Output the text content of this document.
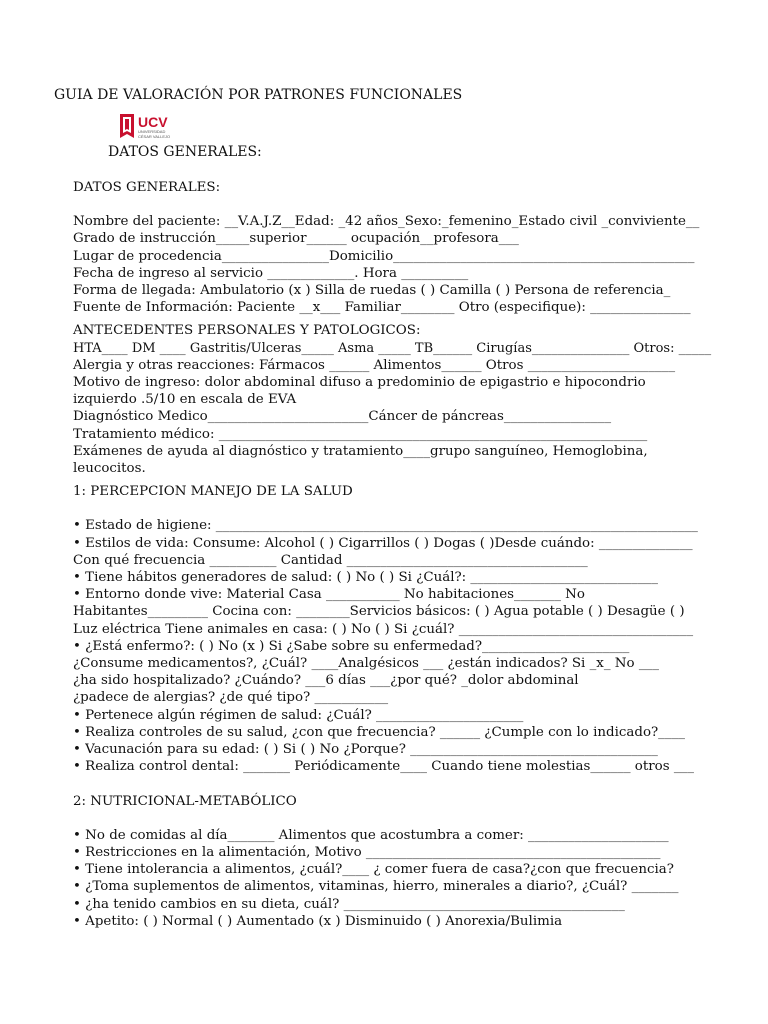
GUIA DE VALORACIÓN POR PATRONES FUNCIONALES
UCV
UNIVERSIDAD
CÉSAR VALLEJO
DATOS GENERALES:
DATOS GENERALES:
Nombre del paciente: __V.A.J.Z__Edad: _42 años_Sexo:_femenino_Estado civil _conviviente__
Grado de instrucción_____superior______ ocupación__profesora___
Lugar de procedencia________________Domicilio_____________________________________________
Fecha de ingreso al servicio _____________. Hora __________
Forma de llegada: Ambulatorio (x ) Silla de ruedas ( ) Camilla ( ) Persona de referencia_
Fuente de Información: Paciente __x___ Familiar________ Otro (especifique): _______________
ANTECEDENTES PERSONALES Y PATOLOGICOS:
HTA____ DM ____ Gastritis/Ulceras_____ Asma _____ TB______ Cirugías_______________ Otros: _____
Alergia y otras reacciones: Fármacos ______ Alimentos______ Otros ______________________
Motivo de ingreso: dolor abdominal difuso a predominio de epigastrio e hipocondrio
izquierdo .5/10 en escala de EVA
Diagnóstico Medico________________________Cáncer de páncreas________________
Tratamiento médico: ________________________________________________________________
Exámenes de ayuda al diagnóstico y tratamiento____grupo sanguíneo, Hemoglobina,
leucocitos.
1: PERCEPCION MANEJO DE LA SALUD
• Estado de higiene: ________________________________________________________________________
• Estilos de vida: Consume: Alcohol ( ) Cigarrillos ( ) Dogas ( )Desde cuándo: ______________
Con qué frecuencia __________ Cantidad ____________________________________
• Tiene hábitos generadores de salud: ( ) No ( ) Si ¿Cuál?: ____________________________
• Entorno donde vive: Material Casa ___________ No habitaciones_______ No
Habitantes_________ Cocina con: ________Servicios básicos: ( ) Agua potable ( ) Desagüe ( )
Luz eléctrica Tiene animales en casa: ( ) No ( ) Si ¿cuál? ___________________________________
• ¿Está enfermo?: ( ) No (x ) Si ¿Sabe sobre su enfermedad?______________________
¿Consume medicamentos?, ¿Cuál? ____Analgésicos ___ ¿están indicados? Si _x_ No ___
¿ha sido hospitalizado? ¿Cuándo? ___6 días ___¿por qué? _dolor abdominal
¿padece de alergias? ¿de qué tipo? ___________
• Pertenece algún régimen de salud: ¿Cuál? ______________________
• Realiza controles de su salud, ¿con que frecuencia? ______ ¿Cumple con lo indicado?____
• Vacunación para su edad: ( ) Si ( ) No ¿Porque? _____________________________________
• Realiza control dental: _______ Periódicamente____ Cuando tiene molestias______ otros ___
2: NUTRICIONAL-METABÓLICO
• No de comidas al día_______ Alimentos que acostumbra a comer: _____________________
• Restricciones en la alimentación, Motivo ____________________________________________
• Tiene intolerancia a alimentos, ¿cuál?____ ¿ comer fuera de casa?¿con que frecuencia?
• ¿Toma suplementos de alimentos, vitaminas, hierro, minerales a diario?, ¿Cuál? _______
• ¿ha tenido cambios en su dieta, cuál? __________________________________________
• Apetito: ( ) Normal ( ) Aumentado (x ) Disminuido ( ) Anorexia/Bulimia
